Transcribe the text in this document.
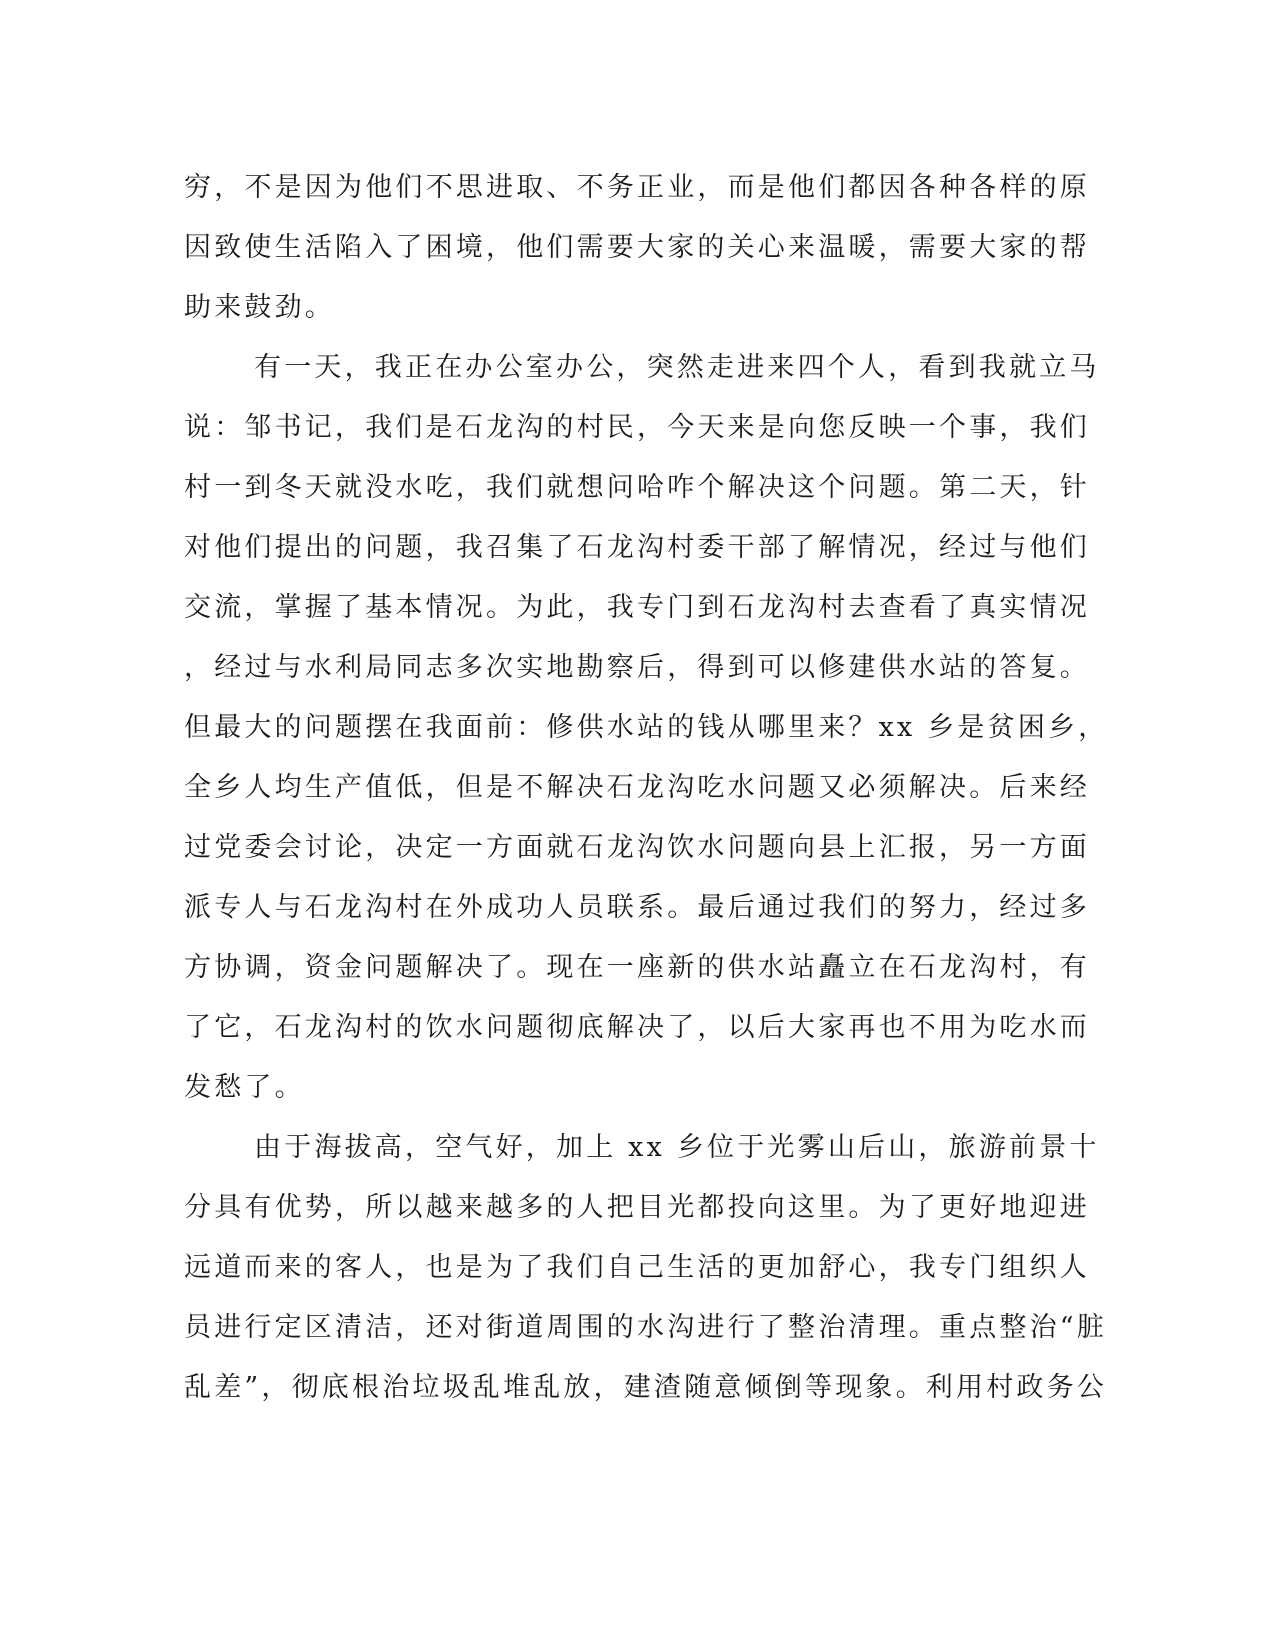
穷，不是因为他们不思进取、不务正业，而是他们都因各种各样的原
因致使生活陷入了困境，他们需要大家的关心来温暖，需要大家的帮
助来鼓劲。
有一天，我正在办公室办公，突然走进来四个人，看到我就立马
说：邹书记，我们是石龙沟的村民，今天来是向您反映一个事，我们
村一到冬天就没水吃，我们就想问哈咋个解决这个问题。第二天，针
对他们提出的问题，我召集了石龙沟村委干部了解情况，经过与他们
交流，掌握了基本情况。为此，我专门到石龙沟村去查看了真实情况
，经过与水利局同志多次实地勘察后，得到可以修建供水站的答复。
但最大的问题摆在我面前：修供水站的钱从哪里来？xx 乡是贫困乡，
全乡人均生产值低，但是不解决石龙沟吃水问题又必须解决。后来经
过党委会讨论，决定一方面就石龙沟饮水问题向县上汇报，另一方面
派专人与石龙沟村在外成功人员联系。最后通过我们的努力，经过多
方协调，资金问题解决了。现在一座新的供水站矗立在石龙沟村，有
了它，石龙沟村的饮水问题彻底解决了，以后大家再也不用为吃水而
发愁了。
由于海拔高，空气好，加上 xx 乡位于光雾山后山，旅游前景十
分具有优势，所以越来越多的人把目光都投向这里。为了更好地迎进
远道而来的客人，也是为了我们自己生活的更加舒心，我专门组织人
员进行定区清洁，还对街道周围的水沟进行了整治清理。重点整治“脏
乱差”，彻底根治垃圾乱堆乱放，建渣随意倾倒等现象。利用村政务公
